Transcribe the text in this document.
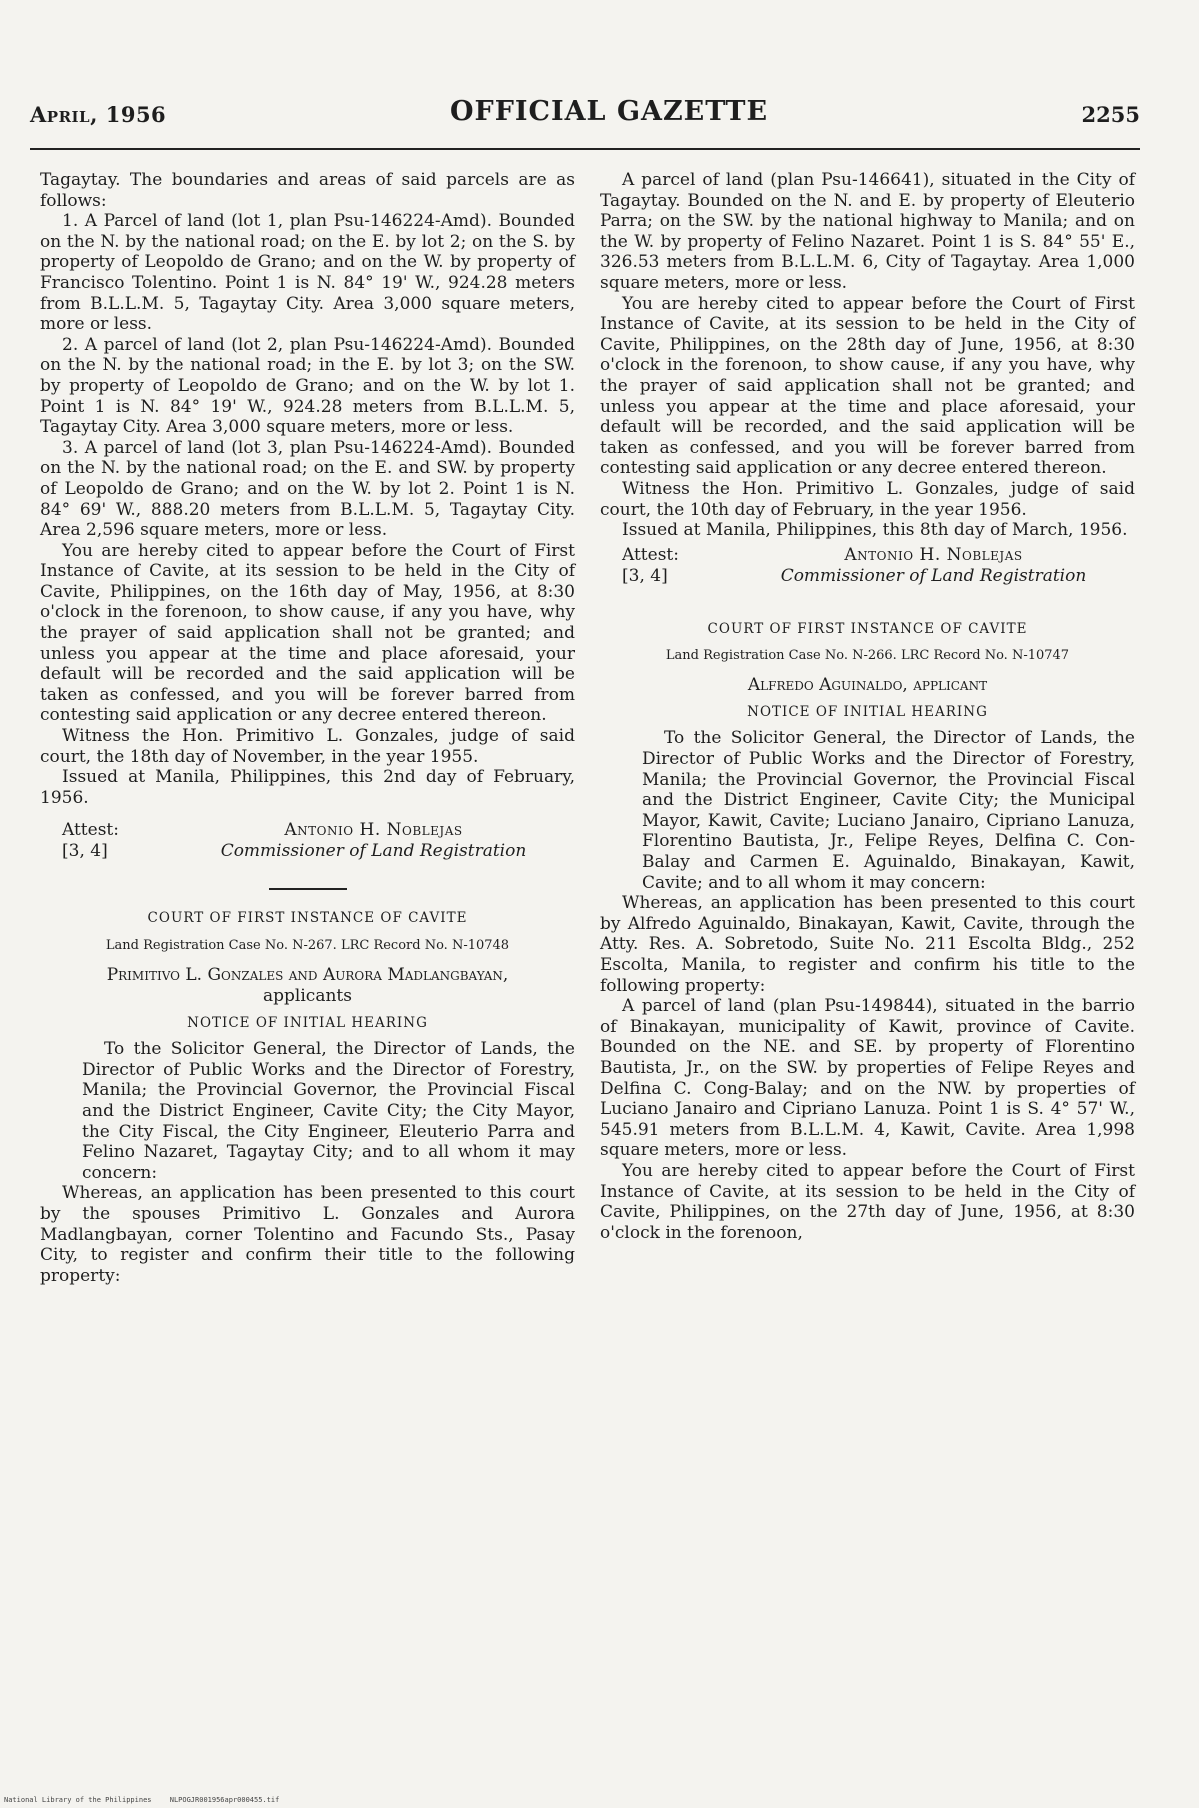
April, 1956	OFFICIAL GAZETTE	2255

Tagaytay. The boundaries and areas of said parcels are as follows:

1. A Parcel of land (lot 1, plan Psu-146224-Amd). Bounded on the N. by the national road; on the E. by lot 2; on the S. by property of Leopoldo de Grano; and on the W. by property of Francisco Tolentino. Point 1 is N. 84° 19' W., 924.28 meters from B.L.L.M. 5, Tagaytay City. Area 3,000 square meters, more or less.

2. A parcel of land (lot 2, plan Psu-146224-Amd). Bounded on the N. by the national road; in the E. by lot 3; on the SW. by property of Leopoldo de Grano; and on the W. by lot 1. Point 1 is N. 84° 19' W., 924.28 meters from B.L.L.M. 5, Tagaytay City. Area 3,000 square meters, more or less.

3. A parcel of land (lot 3, plan Psu-146224-Amd). Bounded on the N. by the national road; on the E. and SW. by property of Leopoldo de Grano; and on the W. by lot 2. Point 1 is N. 84° 69' W., 888.20 meters from B.L.L.M. 5, Tagaytay City. Area 2,596 square meters, more or less.

You are hereby cited to appear before the Court of First Instance of Cavite, at its session to be held in the City of Cavite, Philippines, on the 16th day of May, 1956, at 8:30 o'clock in the forenoon, to show cause, if any you have, why the prayer of said application shall not be granted; and unless you appear at the time and place aforesaid, your default will be recorded and the said application will be taken as confessed, and you will be forever barred from contesting said application or any decree entered thereon.

Witness the Hon. Primitivo L. Gonzales, judge of said court, the 18th day of November, in the year 1955.

Issued at Manila, Philippines, this 2nd day of February, 1956.

Attest:
[3, 4]
Antonio H. Noblejas
Commissioner of Land Registration
COURT OF FIRST INSTANCE OF CAVITE
Land Registration Case No. N-267. LRC Record No. N-10748
Primitivo L. Gonzales and Aurora Madlangbayan,
applicants
NOTICE OF INITIAL HEARING

To the Solicitor General, the Director of Lands, the Director of Public Works and the Director of Forestry, Manila; the Provincial Governor, the Provincial Fiscal and the District Engineer, Cavite City; the City Mayor, the City Fiscal, the City Engineer, Eleuterio Parra and Felino Nazaret, Tagaytay City; and to all whom it may concern:

Whereas, an application has been presented to this court by the spouses Primitivo L. Gonzales and Aurora Madlangbayan, corner Tolentino and Facundo Sts., Pasay City, to register and confirm their title to the following property:

A parcel of land (plan Psu-146641), situated in the City of Tagaytay. Bounded on the N. and E. by property of Eleuterio Parra; on the SW. by the national highway to Manila; and on the W. by property of Felino Nazaret. Point 1 is S. 84° 55' E., 326.53 meters from B.L.L.M. 6, City of Tagaytay. Area 1,000 square meters, more or less.

You are hereby cited to appear before the Court of First Instance of Cavite, at its session to be held in the City of Cavite, Philippines, on the 28th day of June, 1956, at 8:30 o'clock in the forenoon, to show cause, if any you have, why the prayer of said application shall not be granted; and unless you appear at the time and place aforesaid, your default will be recorded, and the said application will be taken as confessed, and you will be forever barred from contesting said application or any decree entered thereon.

Witness the Hon. Primitivo L. Gonzales, judge of said court, the 10th day of February, in the year 1956.

Issued at Manila, Philippines, this 8th day of March, 1956.

Attest:
[3, 4]
Antonio H. Noblejas
Commissioner of Land Registration
COURT OF FIRST INSTANCE OF CAVITE
Land Registration Case No. N-266. LRC Record No. N-10747
Alfredo Aguinaldo, applicant
NOTICE OF INITIAL HEARING

To the Solicitor General, the Director of Lands, the Director of Public Works and the Director of Forestry, Manila; the Provincial Governor, the Provincial Fiscal and the District Engineer, Cavite City; the Municipal Mayor, Kawit, Cavite; Luciano Janairo, Cipriano Lanuza, Florentino Bautista, Jr., Felipe Reyes, Delfina C. Con-Balay and Carmen E. Aguinaldo, Binakayan, Kawit, Cavite; and to all whom it may concern:

Whereas, an application has been presented to this court by Alfredo Aguinaldo, Binakayan, Kawit, Cavite, through the Atty. Res. A. Sobretodo, Suite No. 211 Escolta Bldg., 252 Escolta, Manila, to register and confirm his title to the following property:

A parcel of land (plan Psu-149844), situated in the barrio of Binakayan, municipality of Kawit, province of Cavite. Bounded on the NE. and SE. by property of Florentino Bautista, Jr., on the SW. by properties of Felipe Reyes and Delfina C. Cong-Balay; and on the NW. by properties of Luciano Janairo and Cipriano Lanuza. Point 1 is S. 4° 57' W., 545.91 meters from B.L.L.M. 4, Kawit, Cavite. Area 1,998 square meters, more or less.

You are hereby cited to appear before the Court of First Instance of Cavite, at its session to be held in the City of Cavite, Philippines, on the 27th day of June, 1956, at 8:30 o'clock in the forenoon,

National Library of the Philippines	NLPOGJR001956apr000455.tif
